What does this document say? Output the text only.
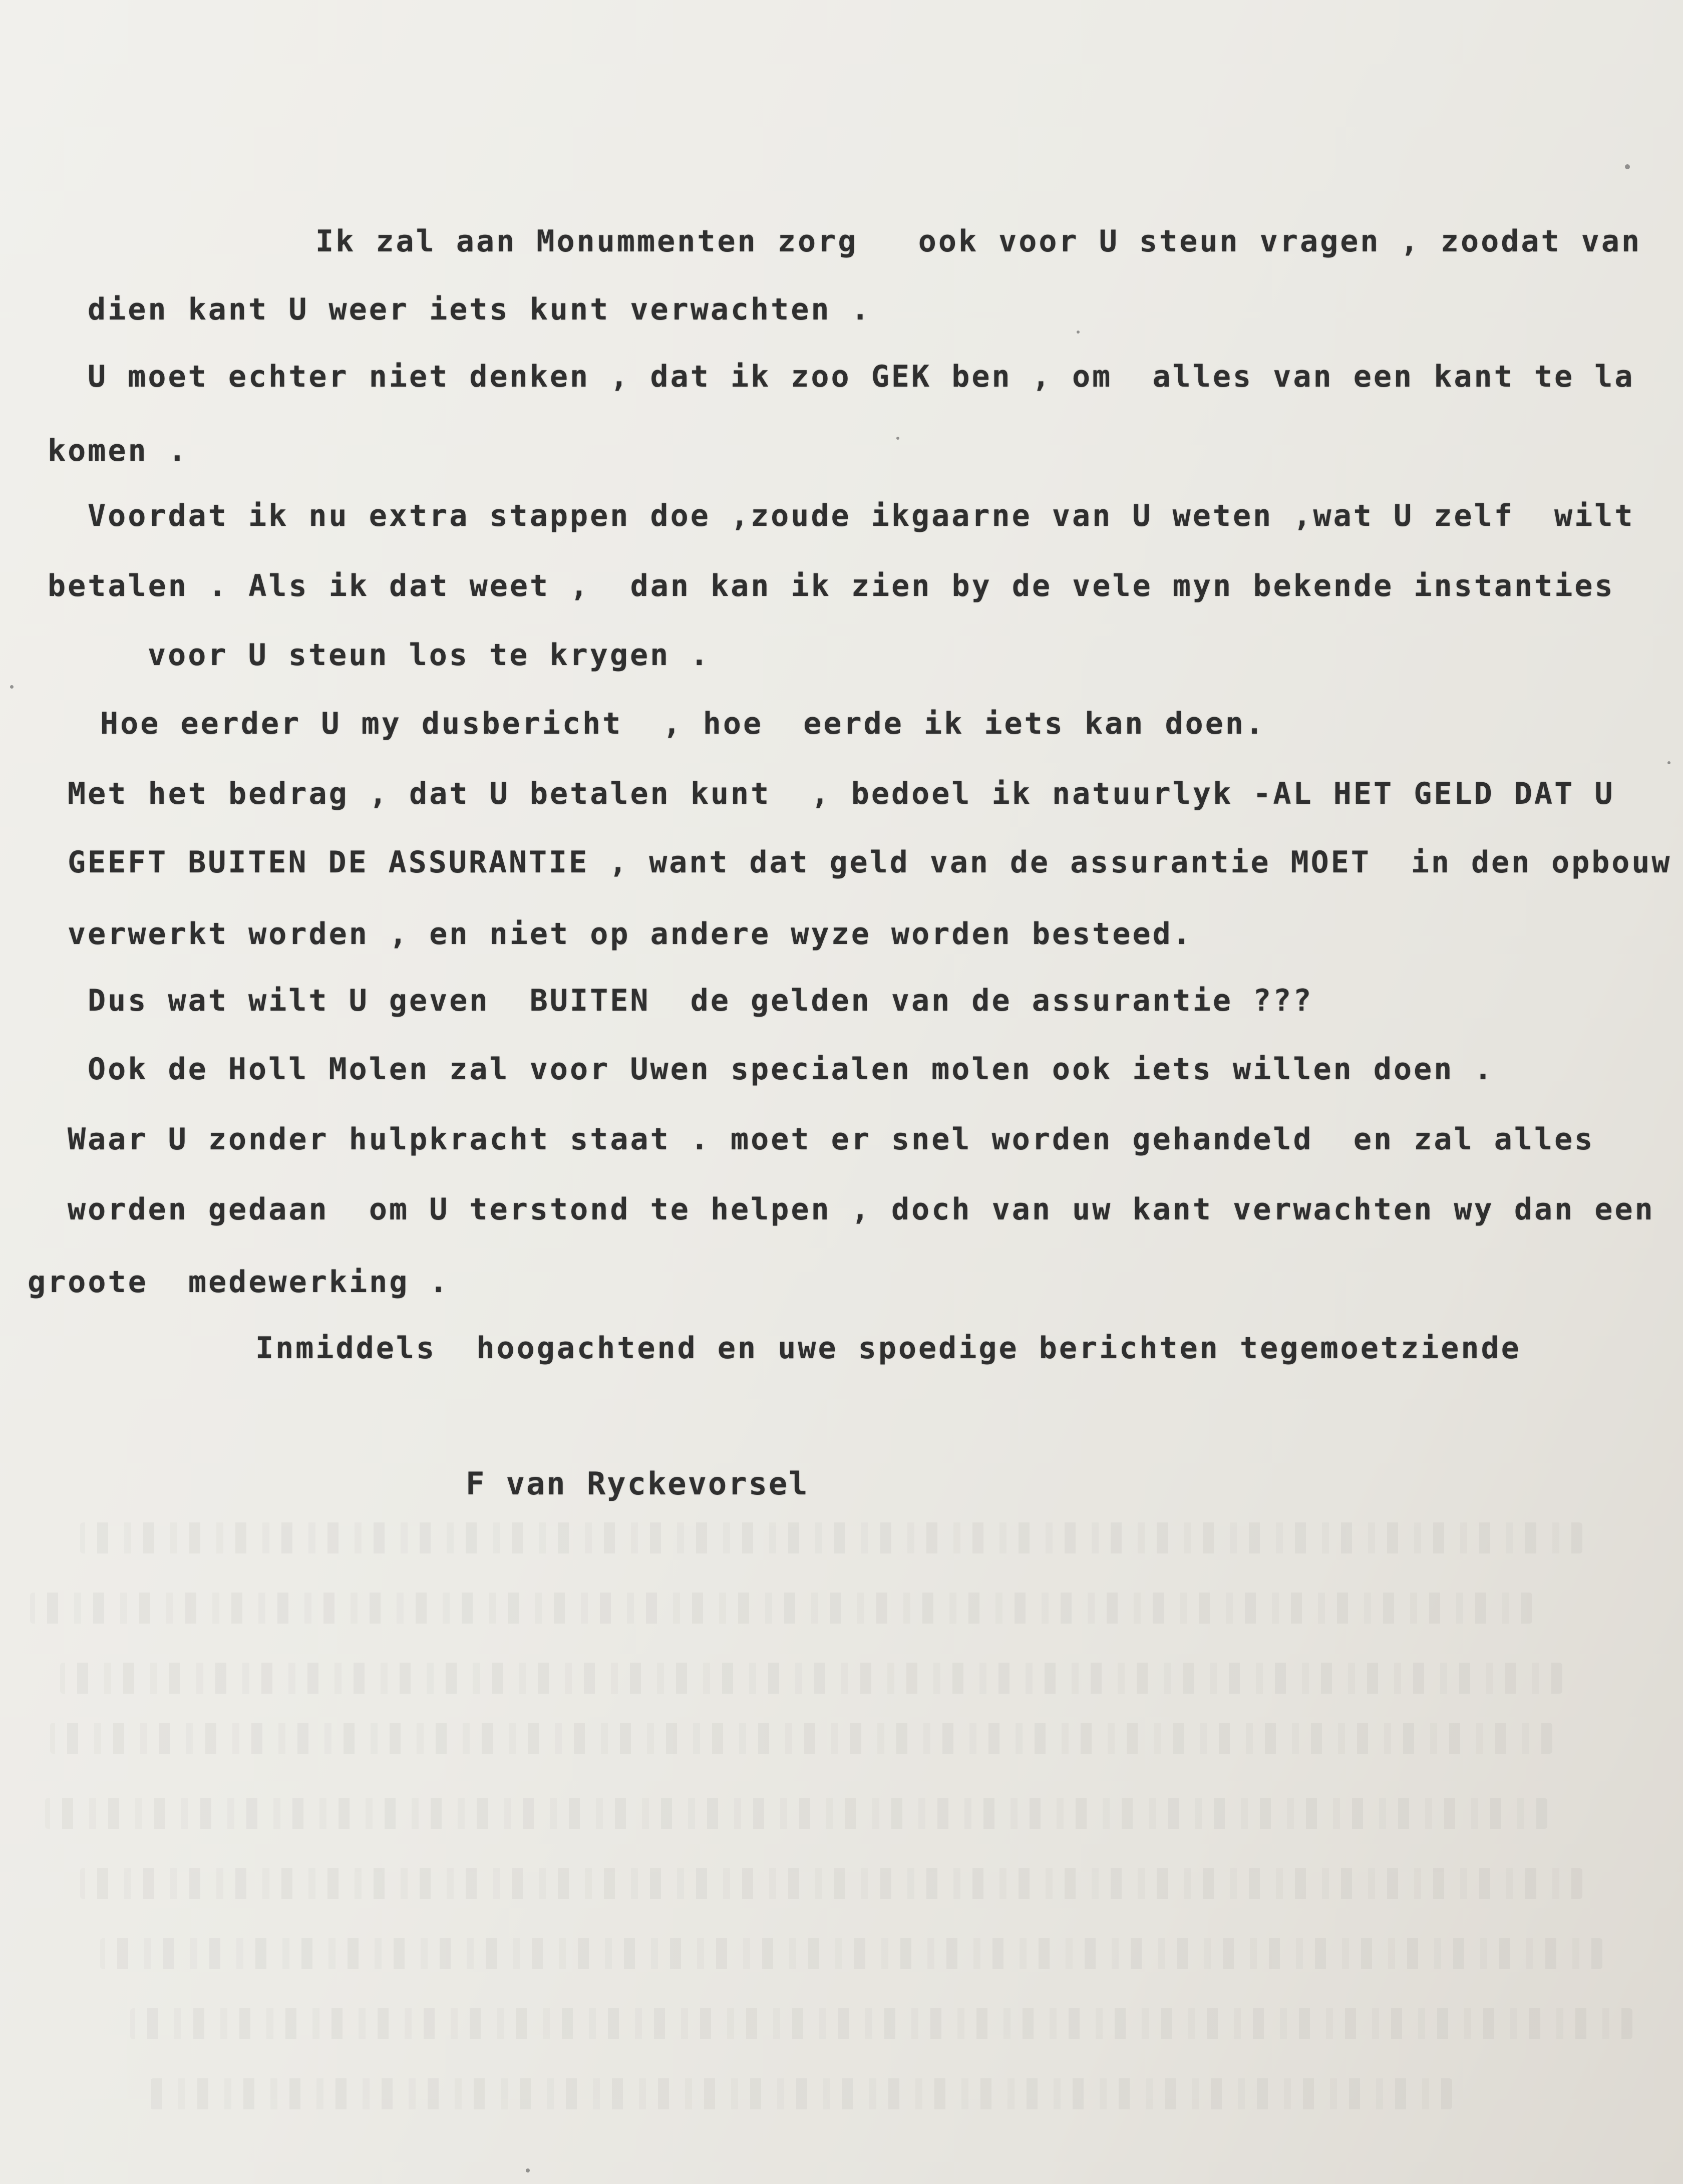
Ik zal aan Monummenten zorg   ook voor U steun vragen , zoodat van

dien kant U weer iets kunt verwachten .

U moet echter niet denken , dat ik zoo GEK ben , om  alles van een kant te la

komen .

Voordat ik nu extra stappen doe ,zoude ikgaarne van U weten ,wat U zelf  wilt

betalen . Als ik dat weet ,  dan kan ik zien by de vele myn bekende instanties

voor U steun los te krygen .

Hoe eerder U my dusbericht  , hoe  eerde ik iets kan doen.

Met het bedrag , dat U betalen kunt  , bedoel ik natuurlyk -AL HET GELD DAT U

GEEFT BUITEN DE ASSURANTIE , want dat geld van de assurantie MOET  in den opbouw

verwerkt worden , en niet op andere wyze worden besteed.

Dus wat wilt U geven  BUITEN  de gelden van de assurantie ???

Ook de Holl Molen zal voor Uwen specialen molen ook iets willen doen .

Waar U zonder hulpkracht staat . moet er snel worden gehandeld  en zal alles

worden gedaan  om U terstond te helpen , doch van uw kant verwachten wy dan een

groote  medewerking .

Inmiddels  hoogachtend en uwe spoedige berichten tegemoetziende

F van Ryckevorsel
